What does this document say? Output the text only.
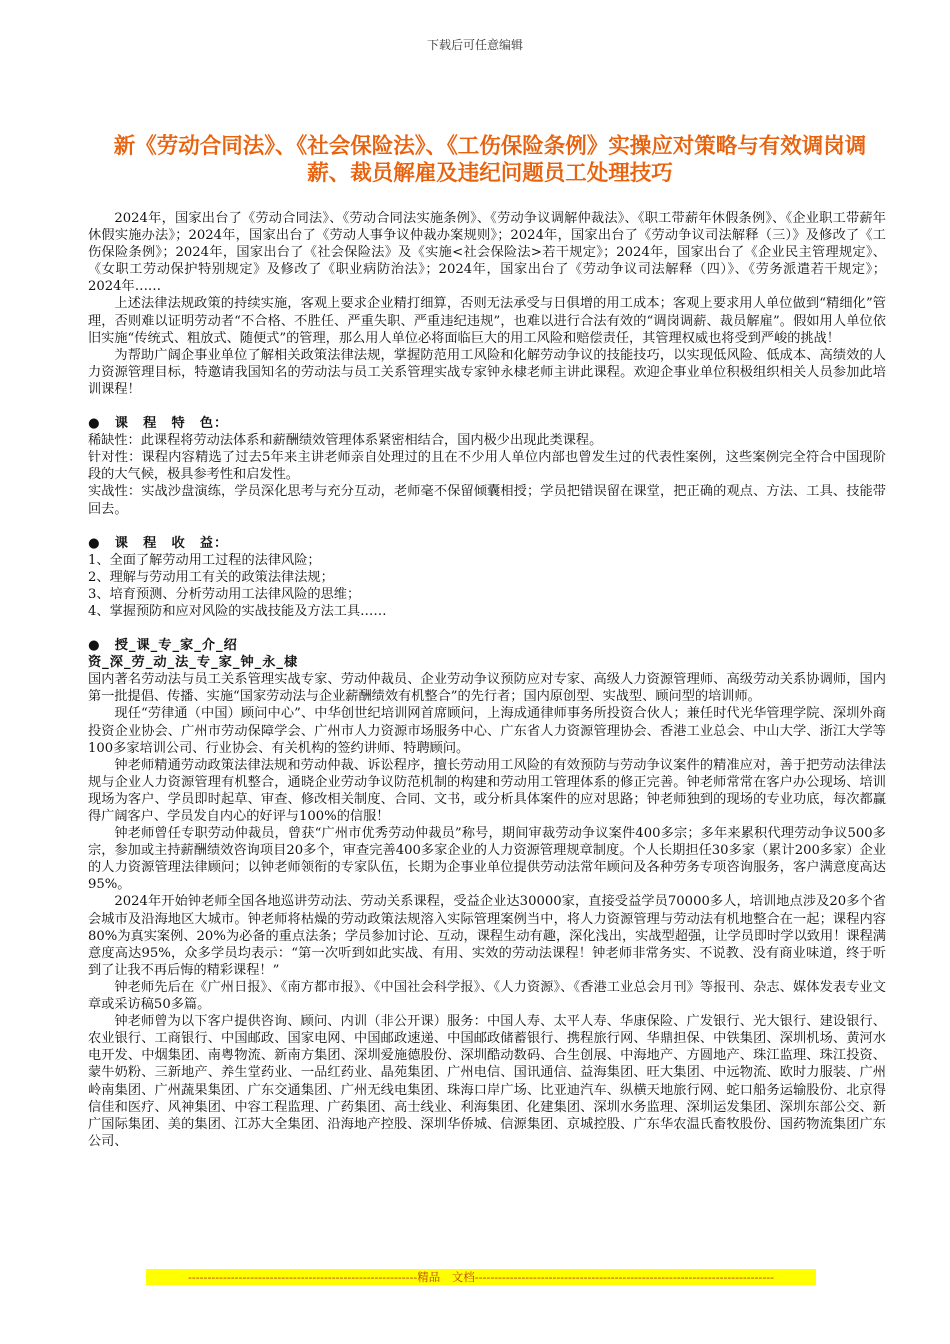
下载后可任意编辑
新《劳动合同法》、《社会保险法》、《工伤保险条例》实操应对策略与有效调岗调薪、裁员解雇及违纪问题员工处理技巧

2024年，国家出台了《劳动合同法》、《劳动合同法实施条例》、《劳动争议调解仲裁法》、《职工带薪年休假条例》、《企业职工带薪年休假实施办法》；2024年，国家出台了《劳动人事争议仲裁办案规则》；2024年，国家出台了《劳动争议司法解释（三）》及修改了《工伤保险条例》；2024年，国家出台了《社会保险法》及《实施<社会保险法>若干规定》；2024年，国家出台了《企业民主管理规定》、《女职工劳动保护特别规定》及修改了《职业病防治法》；2024年，国家出台了《劳动争议司法解释（四）》、《劳务派遣若干规定》；2024年……

上述法律法规政策的持续实施，客观上要求企业精打细算，否则无法承受与日俱增的用工成本；客观上要求用人单位做到“精细化”管理，否则难以证明劳动者“不合格、不胜任、严重失职、严重违纪违规”，也难以进行合法有效的“调岗调薪、裁员解雇”。假如用人单位依旧实施“传统式、粗放式、随便式”的管理，那么用人单位必将面临巨大的用工风险和赔偿责任，其管理权威也将受到严峻的挑战！

为帮助广阔企事业单位了解相关政策法律法规，掌握防范用工风险和化解劳动争议的技能技巧，以实现低风险、低成本、高绩效的人力资源管理目标，特邀请我国知名的劳动法与员工关系管理实战专家钟永棣老师主讲此课程。欢迎企事业单位积极组织相关人员参加此培训课程！

●　课　程　特　色：

稀缺性：此课程将劳动法体系和薪酬绩效管理体系紧密相结合，国内极少出现此类课程。

针对性：课程内容精选了过去5年来主讲老师亲自处理过的且在不少用人单位内部也曾发生过的代表性案例，这些案例完全符合中国现阶段的大气候，极具参考性和启发性。

实战性：实战沙盘演练，学员深化思考与充分互动，老师毫不保留倾囊相授；学员把错误留在课堂，把正确的观点、方法、工具、技能带回去。

●　课　程　收　益：

1、全面了解劳动用工过程的法律风险；

2、理解与劳动用工有关的政策法律法规；

3、培育预测、分析劳动用工法律风险的思维；

4、掌握预防和应对风险的实战技能及方法工具……

●　授_课_专_家_介_绍

资_深_劳_动_法_专_家_钟_永_棣

国内著名劳动法与员工关系管理实战专家、劳动仲裁员、企业劳动争议预防应对专家、高级人力资源管理师、高级劳动关系协调师，国内第一批提倡、传播、实施“国家劳动法与企业薪酬绩效有机整合”的先行者；国内原创型、实战型、顾问型的培训师。

现任“劳律通（中国）顾问中心”、中华创世纪培训网首席顾问，上海成通律师事务所投资合伙人；兼任时代光华管理学院、深圳外商投资企业协会、广州市劳动保障学会、广州市人力资源市场服务中心、广东省人力资源管理协会、香港工业总会、中山大学、浙江大学等100多家培训公司、行业协会、有关机构的签约讲师、特聘顾问。

钟老师精通劳动政策法律法规和劳动仲裁、诉讼程序，擅长劳动用工风险的有效预防与劳动争议案件的精准应对，善于把劳动法律法规与企业人力资源管理有机整合，通晓企业劳动争议防范机制的构建和劳动用工管理体系的修正完善。钟老师常常在客户办公现场、培训现场为客户、学员即时起草、审查、修改相关制度、合同、文书，或分析具体案件的应对思路；钟老师独到的现场的专业功底，每次都赢得广阔客户、学员发自内心的好评与100%的信服！

钟老师曾任专职劳动仲裁员，曾获“广州市优秀劳动仲裁员”称号，期间审裁劳动争议案件400多宗；多年来累积代理劳动争议500多宗，参加或主持薪酬绩效咨询项目20多个，审查完善400多家企业的人力资源管理规章制度。个人长期担任30多家（累计200多家）企业的人力资源管理法律顾问；以钟老师领衔的专家队伍，长期为企事业单位提供劳动法常年顾问及各种劳务专项咨询服务，客户满意度高达95%。

2024年开始钟老师全国各地巡讲劳动法、劳动关系课程，受益企业达30000家，直接受益学员70000多人，培训地点涉及20多个省会城市及沿海地区大城市。钟老师将枯燥的劳动政策法规溶入实际管理案例当中，将人力资源管理与劳动法有机地整合在一起；课程内容80%为真实案例、20%为必备的重点法条；学员参加讨论、互动，课程生动有趣，深化浅出，实战型超强，让学员即时学以致用！课程满意度高达95%，众多学员均表示：“第一次听到如此实战、有用、实效的劳动法课程！钟老师非常务实、不说教、没有商业味道，终于听到了让我不再后悔的精彩课程！”

钟老师先后在《广州日报》、《南方都市报》、《中国社会科学报》、《人力资源》、《香港工业总会月刊》等报刊、杂志、媒体发表专业文章或采访稿50多篇。

钟老师曾为以下客户提供咨询、顾问、内训（非公开课）服务：中国人寿、太平人寿、华康保险、广发银行、光大银行、建设银行、农业银行、工商银行、中国邮政、国家电网、中国邮政速递、中国邮政储蓄银行、携程旅行网、华鼎担保、中铁集团、深圳机场、黄河水电开发、中烟集团、南粤物流、新南方集团、深圳爱施德股份、深圳酷动数码、合生创展、中海地产、方圆地产、珠江监理、珠江投资、蒙牛奶粉、三新地产、养生堂药业、一品红药业、晶苑集团、广州电信、国讯通信、益海集团、旺大集团、中远物流、欧时力服装、广州岭南集团、广州蔬果集团、广东交通集团、广州无线电集团、珠海口岸广场、比亚迪汽车、纵横天地旅行网、蛇口船务运输股份、北京得信佳和医疗、风神集团、中容工程监理、广药集团、高士线业、利海集团、化建集团、深圳水务监理、深圳运发集团、深圳东部公交、新广国际集团、美的集团、江苏大全集团、沿海地产控股、深圳华侨城、信源集团、京城控股、广东华农温氏畜牧股份、国药物流集团广东公司、

-----------------------------------------------------------精品　文档-----------------------------------------------------------------------------
